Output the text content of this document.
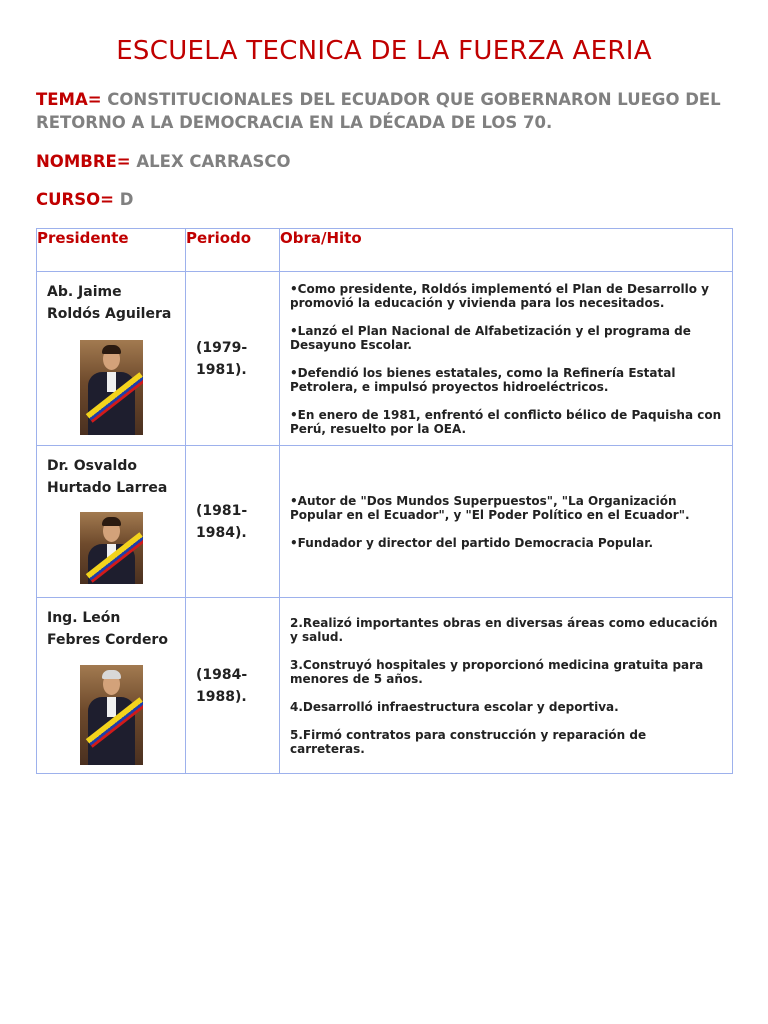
ESCUELA TECNICA DE LA FUERZA AERIA
TEMA= CONSTITUCIONALES DEL ECUADOR QUE GOBERNARON LUEGO DEL RETORNO A LA DEMOCRACIA EN LA DÉCADA DE LOS 70.
NOMBRE= ALEX CARRASCO
CURSO= D
Presidente	Periodo	Obra/Hito

Ab. Jaime Roldós Aguilera	(1979-1981).	•Como presidente, Roldós implementó el Plan de Desarrollo y promovió la educación y vivienda para los necesitados.

•Lanzó el Plan Nacional de Alfabetización y el programa de Desayuno Escolar.

•Defendió los bienes estatales, como la Refinería Estatal Petrolera, e impulsó proyectos hidroeléctricos.

•En enero de 1981, enfrentó el conflicto bélico de Paquisha con Perú, resuelto por la OEA.

Dr. Osvaldo Hurtado Larrea	(1981-1984).	•Autor de "Dos Mundos Superpuestos", "La Organización Popular en el Ecuador", y "El Poder Político en el Ecuador".

•Fundador y director del partido Democracia Popular.

Ing. León Febres Cordero	(1984-1988).	2.Realizó importantes obras en diversas áreas como educación y salud.

3.Construyó hospitales y proporcionó medicina gratuita para menores de 5 años.

4.Desarrolló infraestructura escolar y deportiva.

5.Firmó contratos para construcción y reparación de carreteras.
